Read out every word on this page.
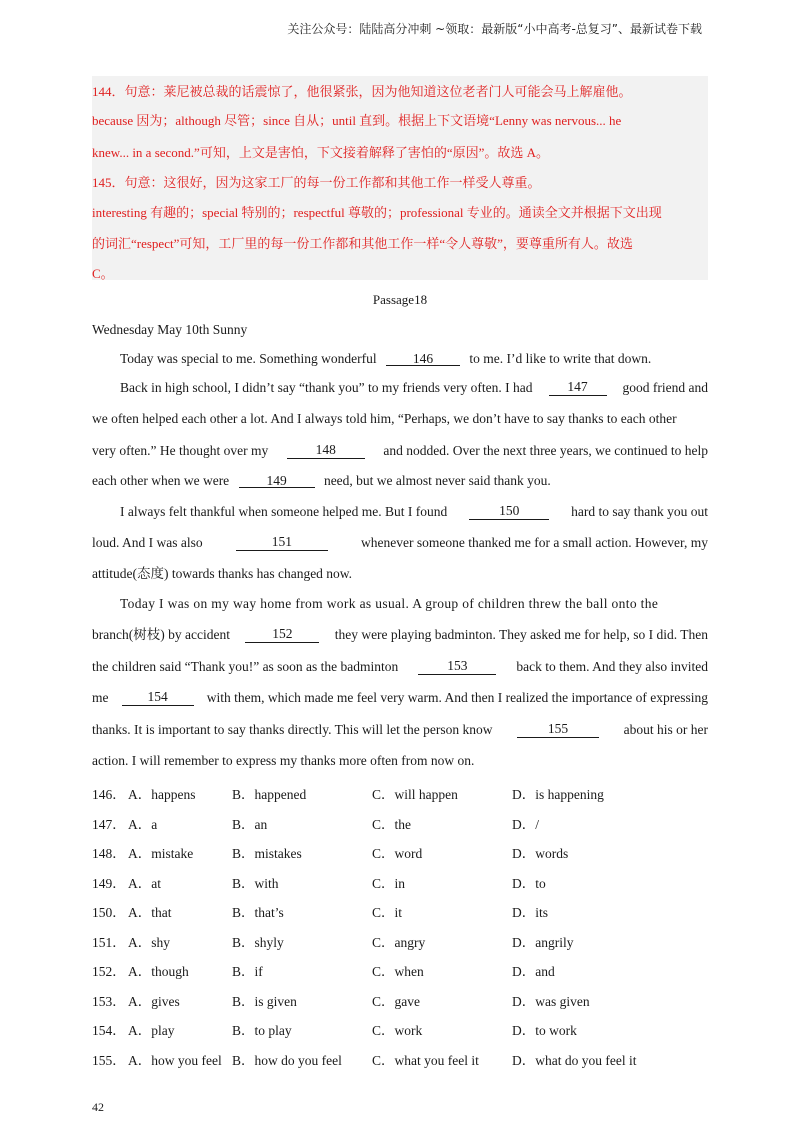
关注公众号：陆陆高分冲刺 ~领取：最新版“小中高考-总复习”、最新试卷下载
144．句意：莱尼被总裁的话震惊了，他很紧张，因为他知道这位老者门人可能会马上解雇他。
because 因为；although 尽管；since 自从；until 直到。根据上下文语境“Lenny was nervous... he
knew... in a second.”可知，上文是害怕，下文接着解释了害怕的“原因”。故选 A。
145．句意：这很好，因为这家工厂的每一份工作都和其他工作一样受人尊重。
interesting 有趣的；special 特别的；respectful 尊敬的；professional 专业的。通读全文并根据下文出现
的词汇“respect”可知，工厂里的每一份工作都和其他工作一样“令人尊敬”，要尊重所有人。故选
C。
Passage18
Wednesday May 10th Sunny
Today was special to me. Something wonderful	146	to me. I’d like to write that down.
Back in high school, I didn’t say “thank you” to my friends very often. I had	147	good friend and
we often helped each other a lot. And I always told him, “Perhaps, we don’t have to say thanks to each other
very often.” He thought over my	148	and nodded. Over the next three years, we continued to help
each other when we were	149	need, but we almost never said thank you.
I always felt thankful when someone helped me. But I found	150	hard to say thank you out
loud. And I was also	151	whenever someone thanked me for a small action. However, my
attitude(态度) towards thanks has changed now.
Today I was on my way home from work as usual. A group of children threw the ball onto the
branch(树枝) by accident	152	they were playing badminton. They asked me for help, so I did. Then
the children said “Thank you!” as soon as the badminton	153	back to them. And they also invited
me	154	with them, which made me feel very warm. And then I realized the importance of expressing
thanks. It is important to say thanks directly. This will let the person know	155	about his or her
action. I will remember to express my thanks more often from now on.
146． A．happens	B．happened	C．will happen	D．is happening
147． A．a	B．an	C．the	D．/
148． A．mistake	B．mistakes	C．word	D．words
149． A．at	B．with	C．in	D．to
150． A．that	B．that’s	C．it	D．its
151． A．shy	B．shyly	C．angry	D．angrily
152． A．though	B．if	C．when	D．and
153． A．gives	B．is given	C．gave	D．was given
154． A．play	B．to play	C．work	D．to work
155． A．how you feel B．how do you feel C．what you feel it D．what do you feel it
42
